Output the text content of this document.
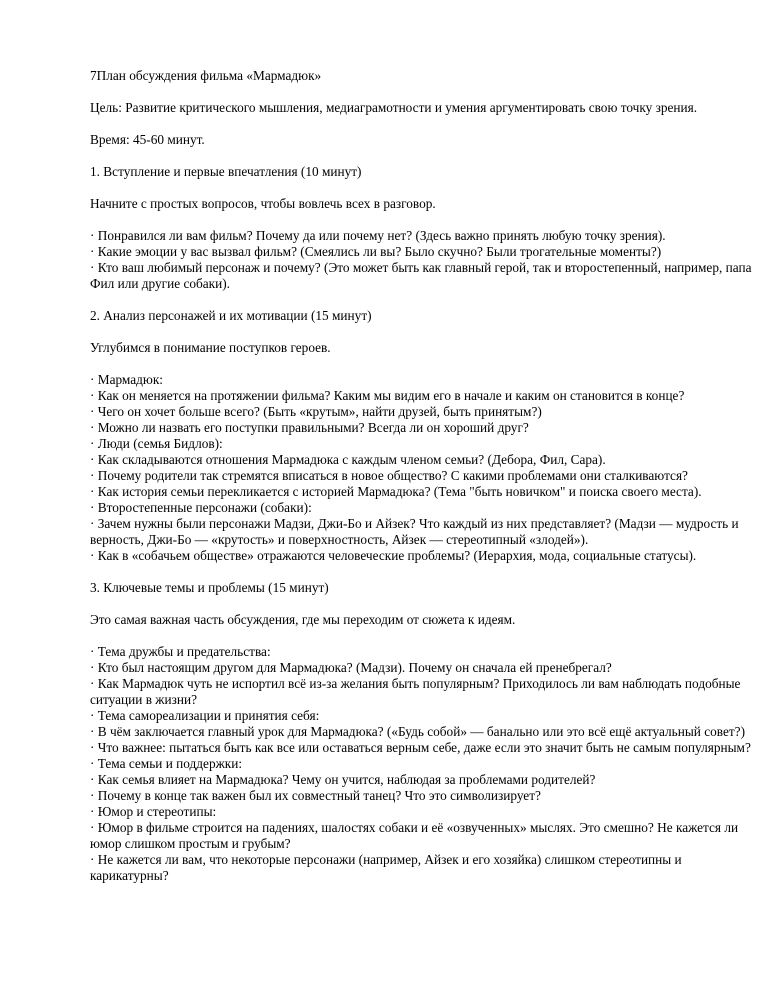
7План обсуждения фильма «Мармадюк»
Цель: Развитие критического мышления, медиаграмотности и умения аргументировать свою точку зрения.
Время: 45-60 минут.
1. Вступление и первые впечатления (10 минут)
Начните с простых вопросов, чтобы вовлечь всех в разговор.
· Понравился ли вам фильм? Почему да или почему нет? (Здесь важно принять любую точку зрения).
· Какие эмоции у вас вызвал фильм? (Смеялись ли вы? Было скучно? Были трогательные моменты?)
· Кто ваш любимый персонаж и почему? (Это может быть как главный герой, так и второстепенный, например, папа Фил или другие собаки).
2. Анализ персонажей и их мотивации (15 минут)
Углубимся в понимание поступков героев.
· Мармадюк:
· Как он меняется на протяжении фильма? Каким мы видим его в начале и каким он становится в конце?
· Чего он хочет больше всего? (Быть «крутым», найти друзей, быть принятым?)
· Можно ли назвать его поступки правильными? Всегда ли он хороший друг?
· Люди (семья Бидлов):
· Как складываются отношения Мармадюка с каждым членом семьи? (Дебора, Фил, Сара).
· Почему родители так стремятся вписаться в новое общество? С какими проблемами они сталкиваются?
· Как история семьи перекликается с историей Мармадюка? (Тема "быть новичком" и поиска своего места).
· Второстепенные персонажи (собаки):
· Зачем нужны были персонажи Мадзи, Джи-Бо и Айзек? Что каждый из них представляет? (Мадзи — мудрость и верность, Джи-Бо — «крутость» и поверхностность, Айзек — стереотипный «злодей»).
· Как в «собачьем обществе» отражаются человеческие проблемы? (Иерархия, мода, социальные статусы).
3. Ключевые темы и проблемы (15 минут)
Это самая важная часть обсуждения, где мы переходим от сюжета к идеям.
· Тема дружбы и предательства:
· Кто был настоящим другом для Мармадюка? (Мадзи). Почему он сначала ей пренебрегал?
· Как Мармадюк чуть не испортил всё из-за желания быть популярным? Приходилось ли вам наблюдать подобные ситуации в жизни?
· Тема самореализации и принятия себя:
· В чём заключается главный урок для Мармадюка? («Будь собой» — банально или это всё ещё актуальный совет?)
· Что важнее: пытаться быть как все или оставаться верным себе, даже если это значит быть не самым популярным?
· Тема семьи и поддержки:
· Как семья влияет на Мармадюка? Чему он учится, наблюдая за проблемами родителей?
· Почему в конце так важен был их совместный танец? Что это символизирует?
· Юмор и стереотипы:
· Юмор в фильме строится на падениях, шалостях собаки и её «озвученных» мыслях. Это смешно? Не кажется ли юмор слишком простым и грубым?
· Не кажется ли вам, что некоторые персонажи (например, Айзек и его хозяйка) слишком стереотипны и карикатурны?
